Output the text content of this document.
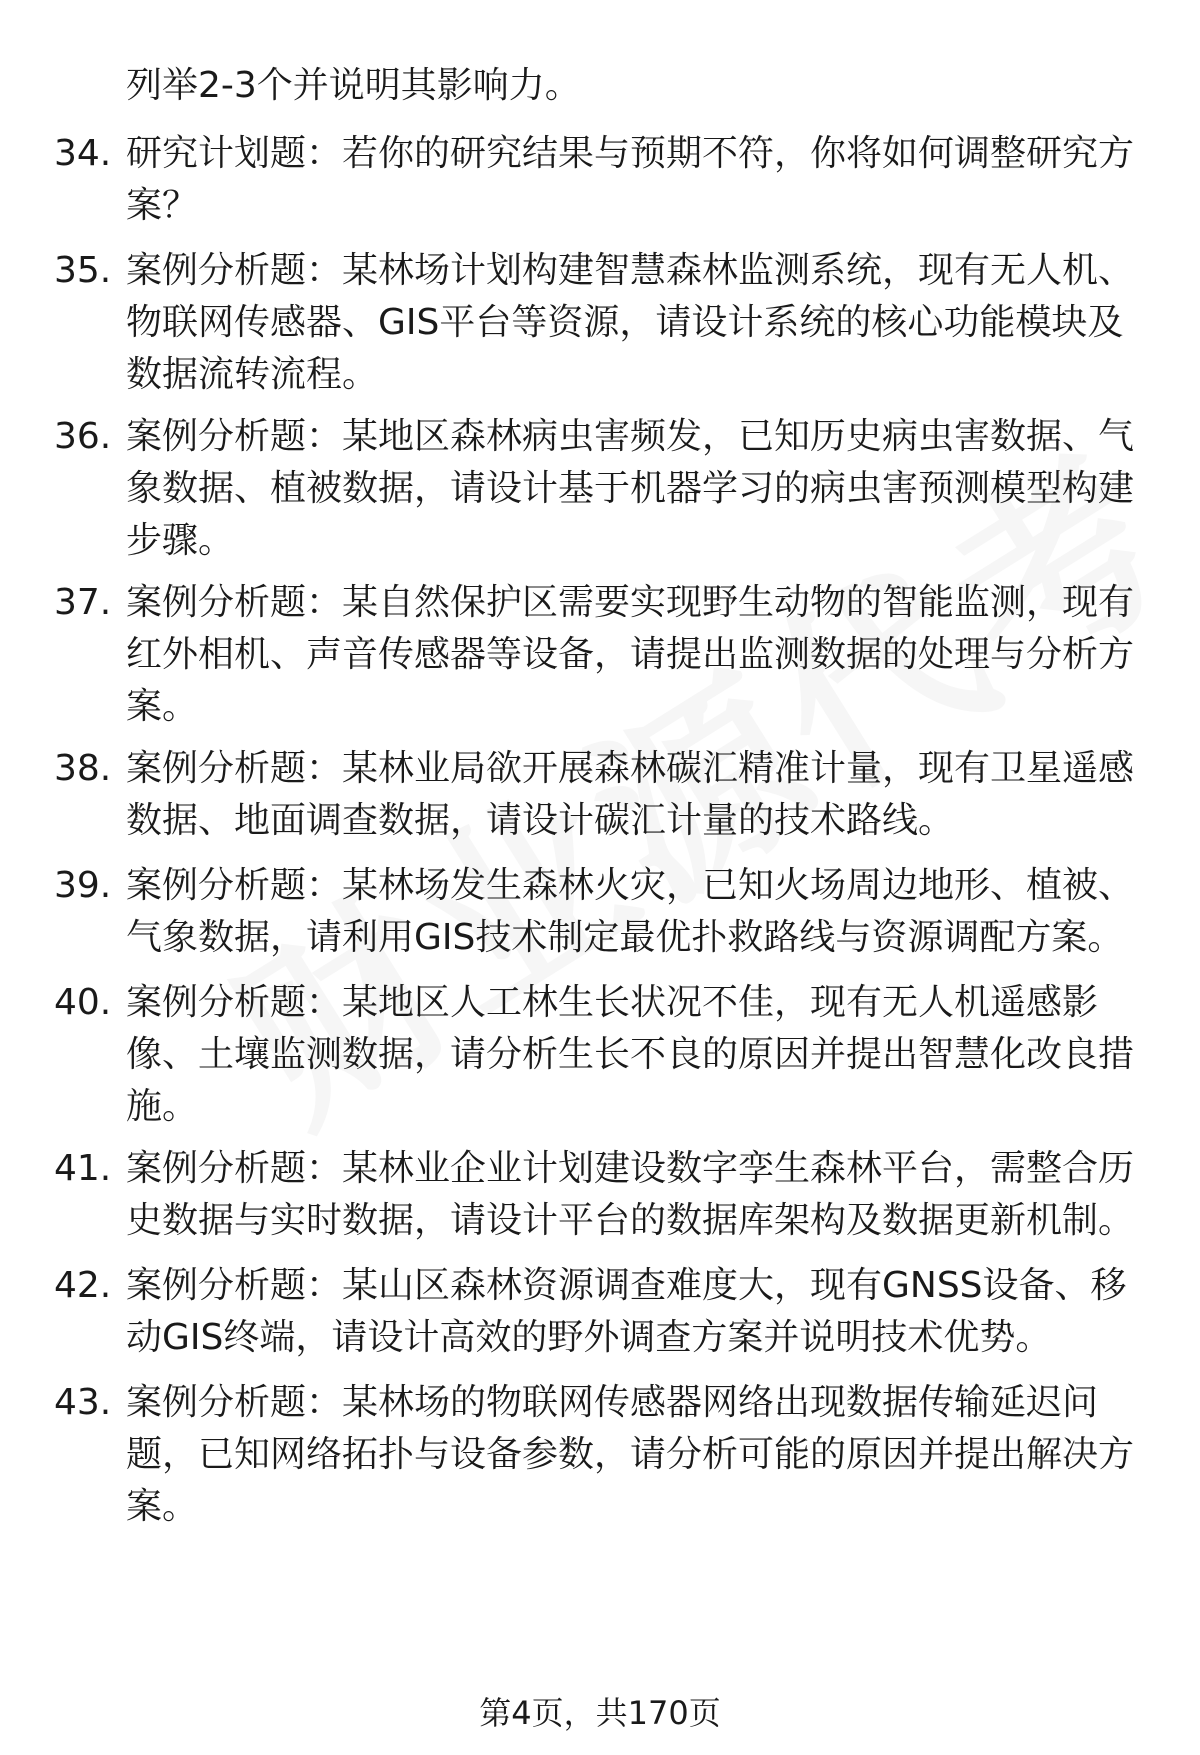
列举2-3个并说明其影响力。

34. 研究计划题：若你的研究结果与预期不符，你将如何调整研究方案？
35. 案例分析题：某林场计划构建智慧森林监测系统，现有无人机、物联网传感器、GIS平台等资源，请设计系统的核心功能模块及数据流转流程。
36. 案例分析题：某地区森林病虫害频发，已知历史病虫害数据、气象数据、植被数据，请设计基于机器学习的病虫害预测模型构建步骤。
37. 案例分析题：某自然保护区需要实现野生动物的智能监测，现有红外相机、声音传感器等设备，请提出监测数据的处理与分析方案。
38. 案例分析题：某林业局欲开展森林碳汇精准计量，现有卫星遥感数据、地面调查数据，请设计碳汇计量的技术路线。
39. 案例分析题：某林场发生森林火灾，已知火场周边地形、植被、气象数据，请利用GIS技术制定最优扑救路线与资源调配方案。
40. 案例分析题：某地区人工林生长状况不佳，现有无人机遥感影像、土壤监测数据，请分析生长不良的原因并提出智慧化改良措施。
41. 案例分析题：某林业企业计划建设数字孪生森林平台，需整合历史数据与实时数据，请设计平台的数据库架构及数据更新机制。
42. 案例分析题：某山区森林资源调查难度大，现有GNSS设备、移动GIS终端，请设计高效的野外调查方案并说明技术优势。
43. 案例分析题：某林场的物联网传感器网络出现数据传输延迟问题，已知网络拓扑与设备参数，请分析可能的原因并提出解决方案。
第4页，共170页
